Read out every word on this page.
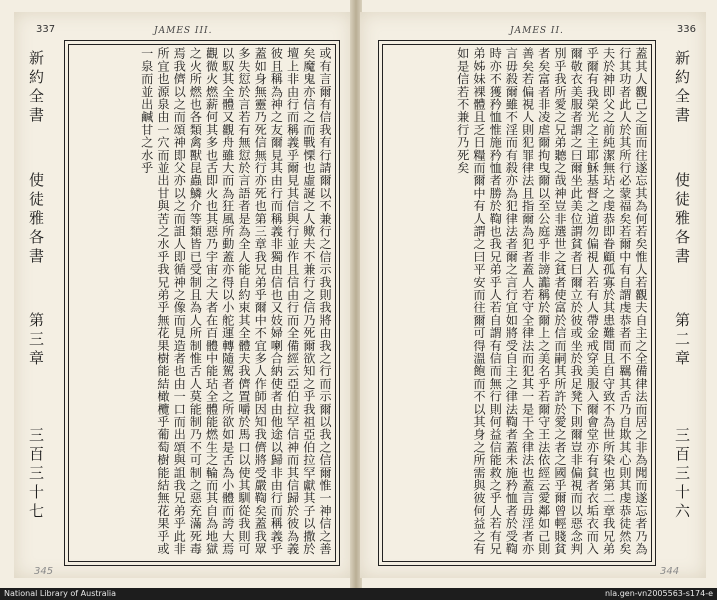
337	JAMES III.
或有言爾有信我有行請爾以不兼行之信示我則我將由我之行而示爾以我之信爾惟一神信之善矣魔鬼亦信之而戰慄也虛誕之人歟夫不兼行之信乃死爾欲知之乎我祖亞伯拉罕獻其子以撒於壇上非由行而稱義乎爾見其信與行並作且信由行而全備經云亞伯拉罕信神而其信歸於彼為義彼且稱為神之友爾見其由行而稱義非獨由信也又妓婦喇合納使者由他途以歸非由行而稱義乎蓋如身無靈乃死信無行亦死也第三章我兄弟乎爾中不宜多人作師因知我儕將受嚴鞫矣蓋我眾多失愆於言若有無愆於言語者是為全人能自約束其全體夫我儕置嚼於馬口以使其馴從我則可以馭其全體又觀舟雖大而為狂風所動蓋亦得以小舵運轉隨駕者之所欲如是舌為小體而誇大焉觀微火燃薪何其多也舌即火也其惡乃宇宙之大者在百體中能玷全體能燃生之輪而其自為地獄之火所燃也各類禽獸昆蟲鱗介等類皆已受制且為人所制惟舌人莫能制乃不可制之惡充滿死毒焉我儕以之而頌神即父亦以之而詛人即循神之像而見造者也由一口而出頌與詛我兄弟乎此非所宜也源泉由一穴而並出甘與苦之水乎我兄弟乎無花果樹能結橄欖乎葡萄樹能結無花果乎或一泉而並出鹹甘之水乎
新約全書
使徒雅各書
第三章
三百三十七
345
JAMES II.	336
蓋其人觀己之面而往遂忘其為何若矣惟人若觀夫自主之全備律法而居之非為聞而遂忘者乃為行其功者此人於其所行必蒙福矣若爾中有自謂虔恭者而不羈其舌乃自欺其心則其虔恭徒然矣夫於神即父之前純潔無玷之虔恭即眷顧孤寡於其患難間且自守致不為世所染也第二章我兄弟乎爾有我榮光之主耶穌基督之道勿偏視人若有人帶金戒穿美服入爾會堂亦有貧者衣垢衣而入爾敬衣美服者謂之曰爾坐此美位謂貧者曰爾立於彼或坐於我足凳下則爾豈非偏視而以惡念判別乎我所愛之兄弟聽之哉神豈非選世之貧者使富於信而嗣其所許於愛之者之國乎爾曾輕賤貧者矣富者非凌虐爾拘曳爾以至公庭乎非謗讟稱於爾上之美名乎若爾守王法依經云愛鄰如己則善矣若偏視人則犯罪律法且指爾為犯者蓋人若守全律法而犯其一是干全律法也蓋言毋淫者亦言毋殺爾雖不淫而有殺亦為犯律法者爾之言行宜如將受自主之律法鞫者蓋未施矜恤者於受鞫時亦不獲矜恤惟施矜恤者勝於鞫也我兄弟乎人若自謂有信而無行則何益信能救之乎人若有兄弟姊妹裸體且乏日糧而爾中有人謂之曰平安而往爾可得溫飽而不以其身之所需與彼何益之有如是信若不兼行乃死矣	新約全書
使徒雅各書
第二章
三百三十六
344
National Library of Australia	nla.gen-vn2005563-s174-e
